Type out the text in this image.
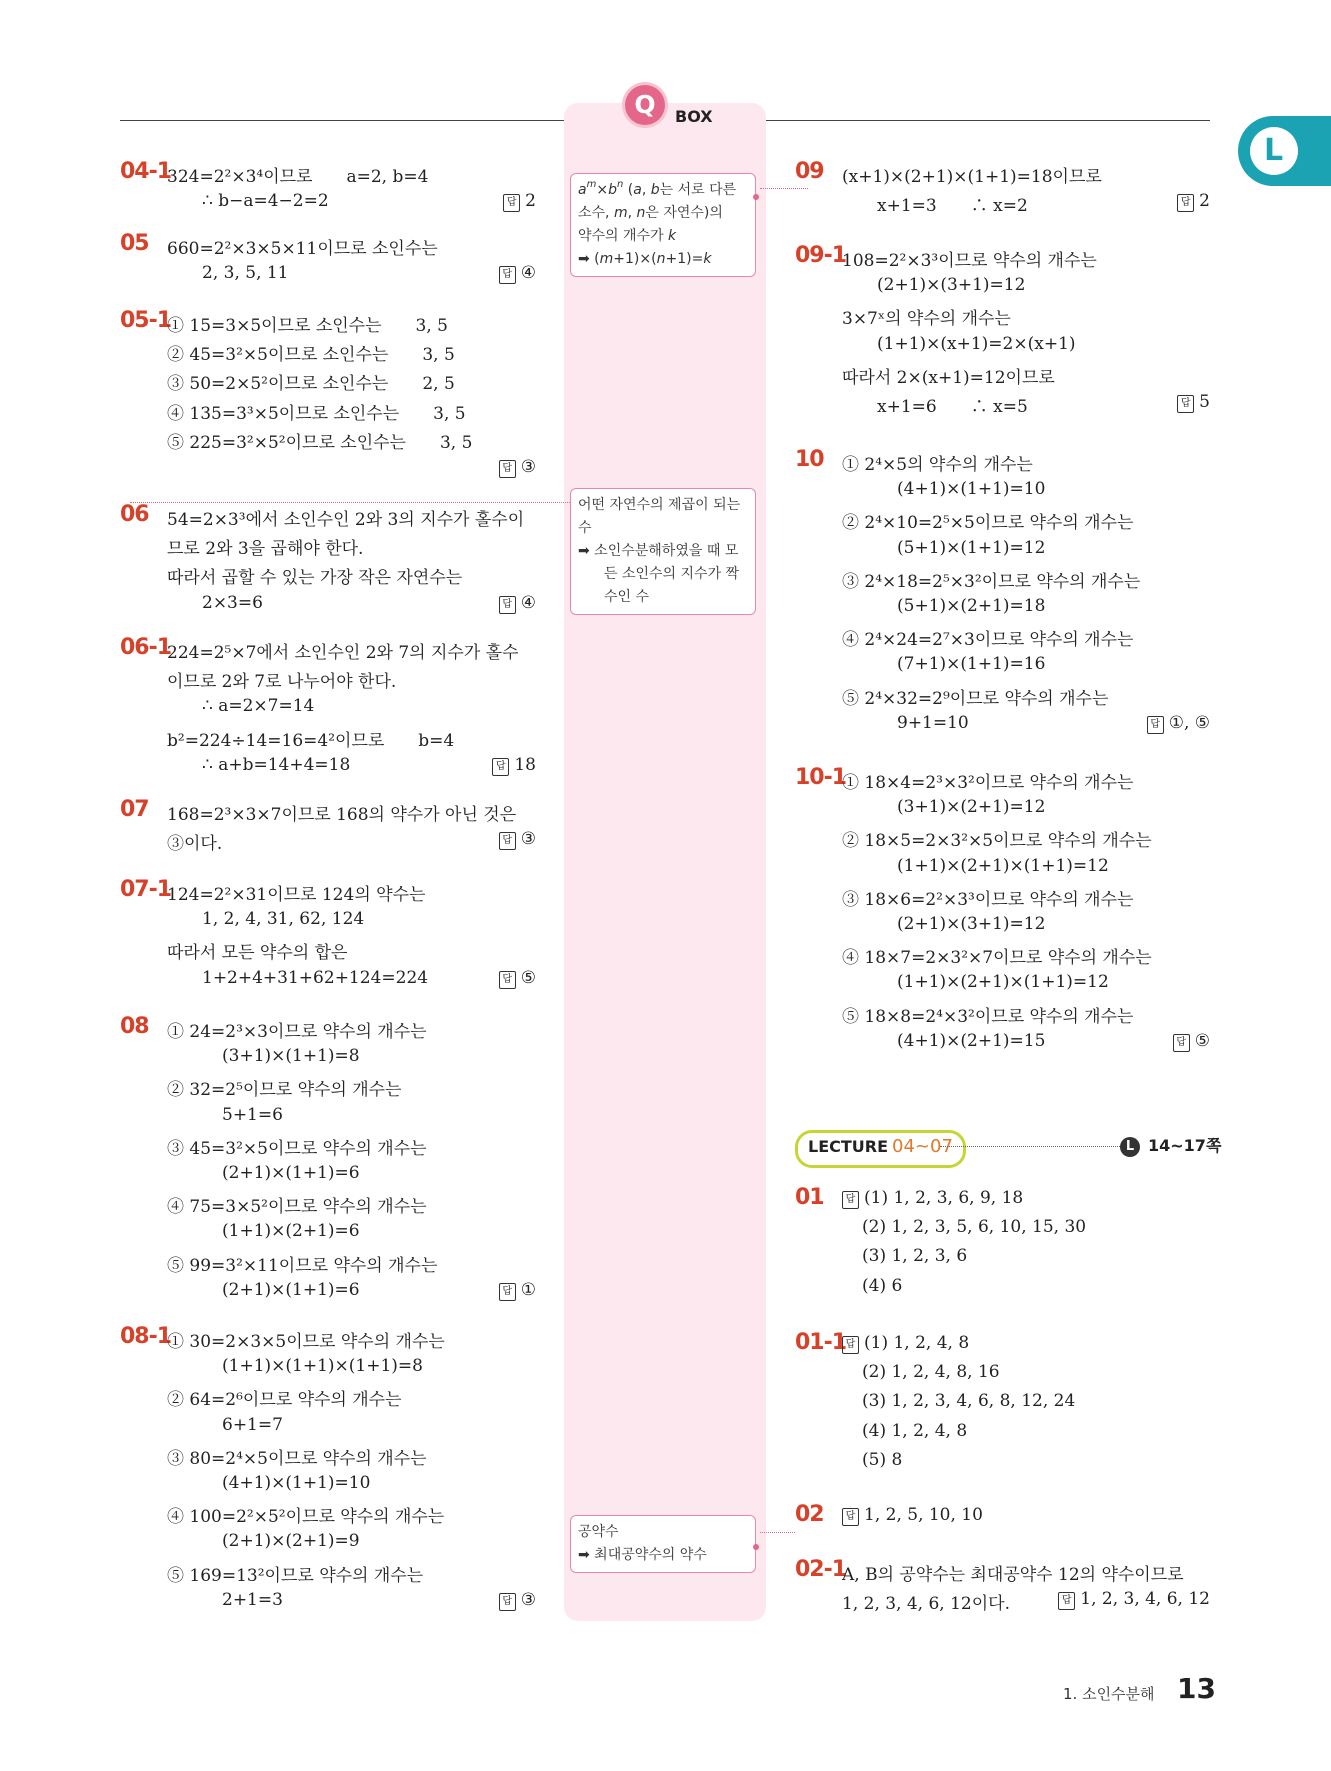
Q BOX
L
$a^m\times b^n$ (a, b는 서로 다른
소수, m, n은 자연수)의
약수의 개수가 k
➡ (m+1)×(n+1)=k
어떤 자연수의 제곱이 되는
수
➡ 소인수분해하였을 때 모
든 소인수의 지수가 짝
수인 수
공약수
➡ 최대공약수의 약수
04-1
324=2²×3⁴이므로　　a=2, b=4
∴ b−a=4−2=2	답 2
05 660=2²×3×5×11이므로 소인수는
2, 3, 5, 11	답 ④
05-1
① 15=3×5이므로 소인수는　　3, 5
② 45=3²×5이므로 소인수는　　3, 5
③ 50=2×5²이므로 소인수는　　2, 5
④ 135=3³×5이므로 소인수는　　3, 5
⑤ 225=3²×5²이므로 소인수는　　3, 5
답 ③
06 54=2×3³에서 소인수인 2와 3의 지수가 홀수이
므로 2와 3을 곱해야 한다.
따라서 곱할 수 있는 가장 작은 자연수는
2×3=6	답 ④
06-1
224=2⁵×7에서 소인수인 2와 7의 지수가 홀수
이므로 2와 7로 나누어야 한다.
∴ a=2×7=14
b²=224÷14=16=4²이므로　　b=4
∴ a+b=14+4=18	답 18
07 168=2³×3×7이므로 168의 약수가 아닌 것은
③이다.	답 ③
07-1
124=2²×31이므로 124의 약수는
1, 2, 4, 31, 62, 124
따라서 모든 약수의 합은
1+2+4+31+62+124=224	답 ⑤
08 ① 24=2³×3이므로 약수의 개수는
(3+1)×(1+1)=8
② 32=2⁵이므로 약수의 개수는
5+1=6
③ 45=3²×5이므로 약수의 개수는
(2+1)×(1+1)=6
④ 75=3×5²이므로 약수의 개수는
(1+1)×(2+1)=6
⑤ 99=3²×11이므로 약수의 개수는
(2+1)×(1+1)=6	답 ①
08-1
① 30=2×3×5이므로 약수의 개수는
(1+1)×(1+1)×(1+1)=8
② 64=2⁶이므로 약수의 개수는
6+1=7
③ 80=2⁴×5이므로 약수의 개수는
(4+1)×(1+1)=10
④ 100=2²×5²이므로 약수의 개수는
(2+1)×(2+1)=9
⑤ 169=13²이므로 약수의 개수는
2+1=3	답 ③
09 (x+1)×(2+1)×(1+1)=18이므로
x+1=3　　∴ x=2	답 2
09-1
108=2²×3³이므로 약수의 개수는
(2+1)×(3+1)=12
3×7ˣ의 약수의 개수는
(1+1)×(x+1)=2×(x+1)
따라서 2×(x+1)=12이므로
x+1=6　　∴ x=5	답 5
10 ① 2⁴×5의 약수의 개수는
(4+1)×(1+1)=10
② 2⁴×10=2⁵×5이므로 약수의 개수는
(5+1)×(1+1)=12
③ 2⁴×18=2⁵×3²이므로 약수의 개수는
(5+1)×(2+1)=18
④ 2⁴×24=2⁷×3이므로 약수의 개수는
(7+1)×(1+1)=16
⑤ 2⁴×32=2⁹이므로 약수의 개수는
9+1=10	답 ①, ⑤
10-1
① 18×4=2³×3²이므로 약수의 개수는
(3+1)×(2+1)=12
② 18×5=2×3²×5이므로 약수의 개수는
(1+1)×(2+1)×(1+1)=12
③ 18×6=2²×3³이므로 약수의 개수는
(2+1)×(3+1)=12
④ 18×7=2×3²×7이므로 약수의 개수는
(1+1)×(2+1)×(1+1)=12
⑤ 18×8=2⁴×3²이므로 약수의 개수는
(4+1)×(2+1)=15	답 ⑤
LECTURE 04~07	L 14~17쪽
01 (1) 1, 2, 3, 6, 9, 18
답
(2) 1, 2, 3, 5, 6, 10, 15, 30
(3) 1, 2, 3, 6
(4) 6
01-1 (1) 1, 2, 4, 8
답
(2) 1, 2, 4, 8, 16
(3) 1, 2, 3, 4, 6, 8, 12, 24
(4) 1, 2, 4, 8
(5) 8
02 1, 2, 5, 10, 10
답
02-1
A, B의 공약수는 최대공약수 12의 약수이므로
1, 2, 3, 4, 6, 12이다.	답 1, 2, 3, 4, 6, 12
1. 소인수분해 13
